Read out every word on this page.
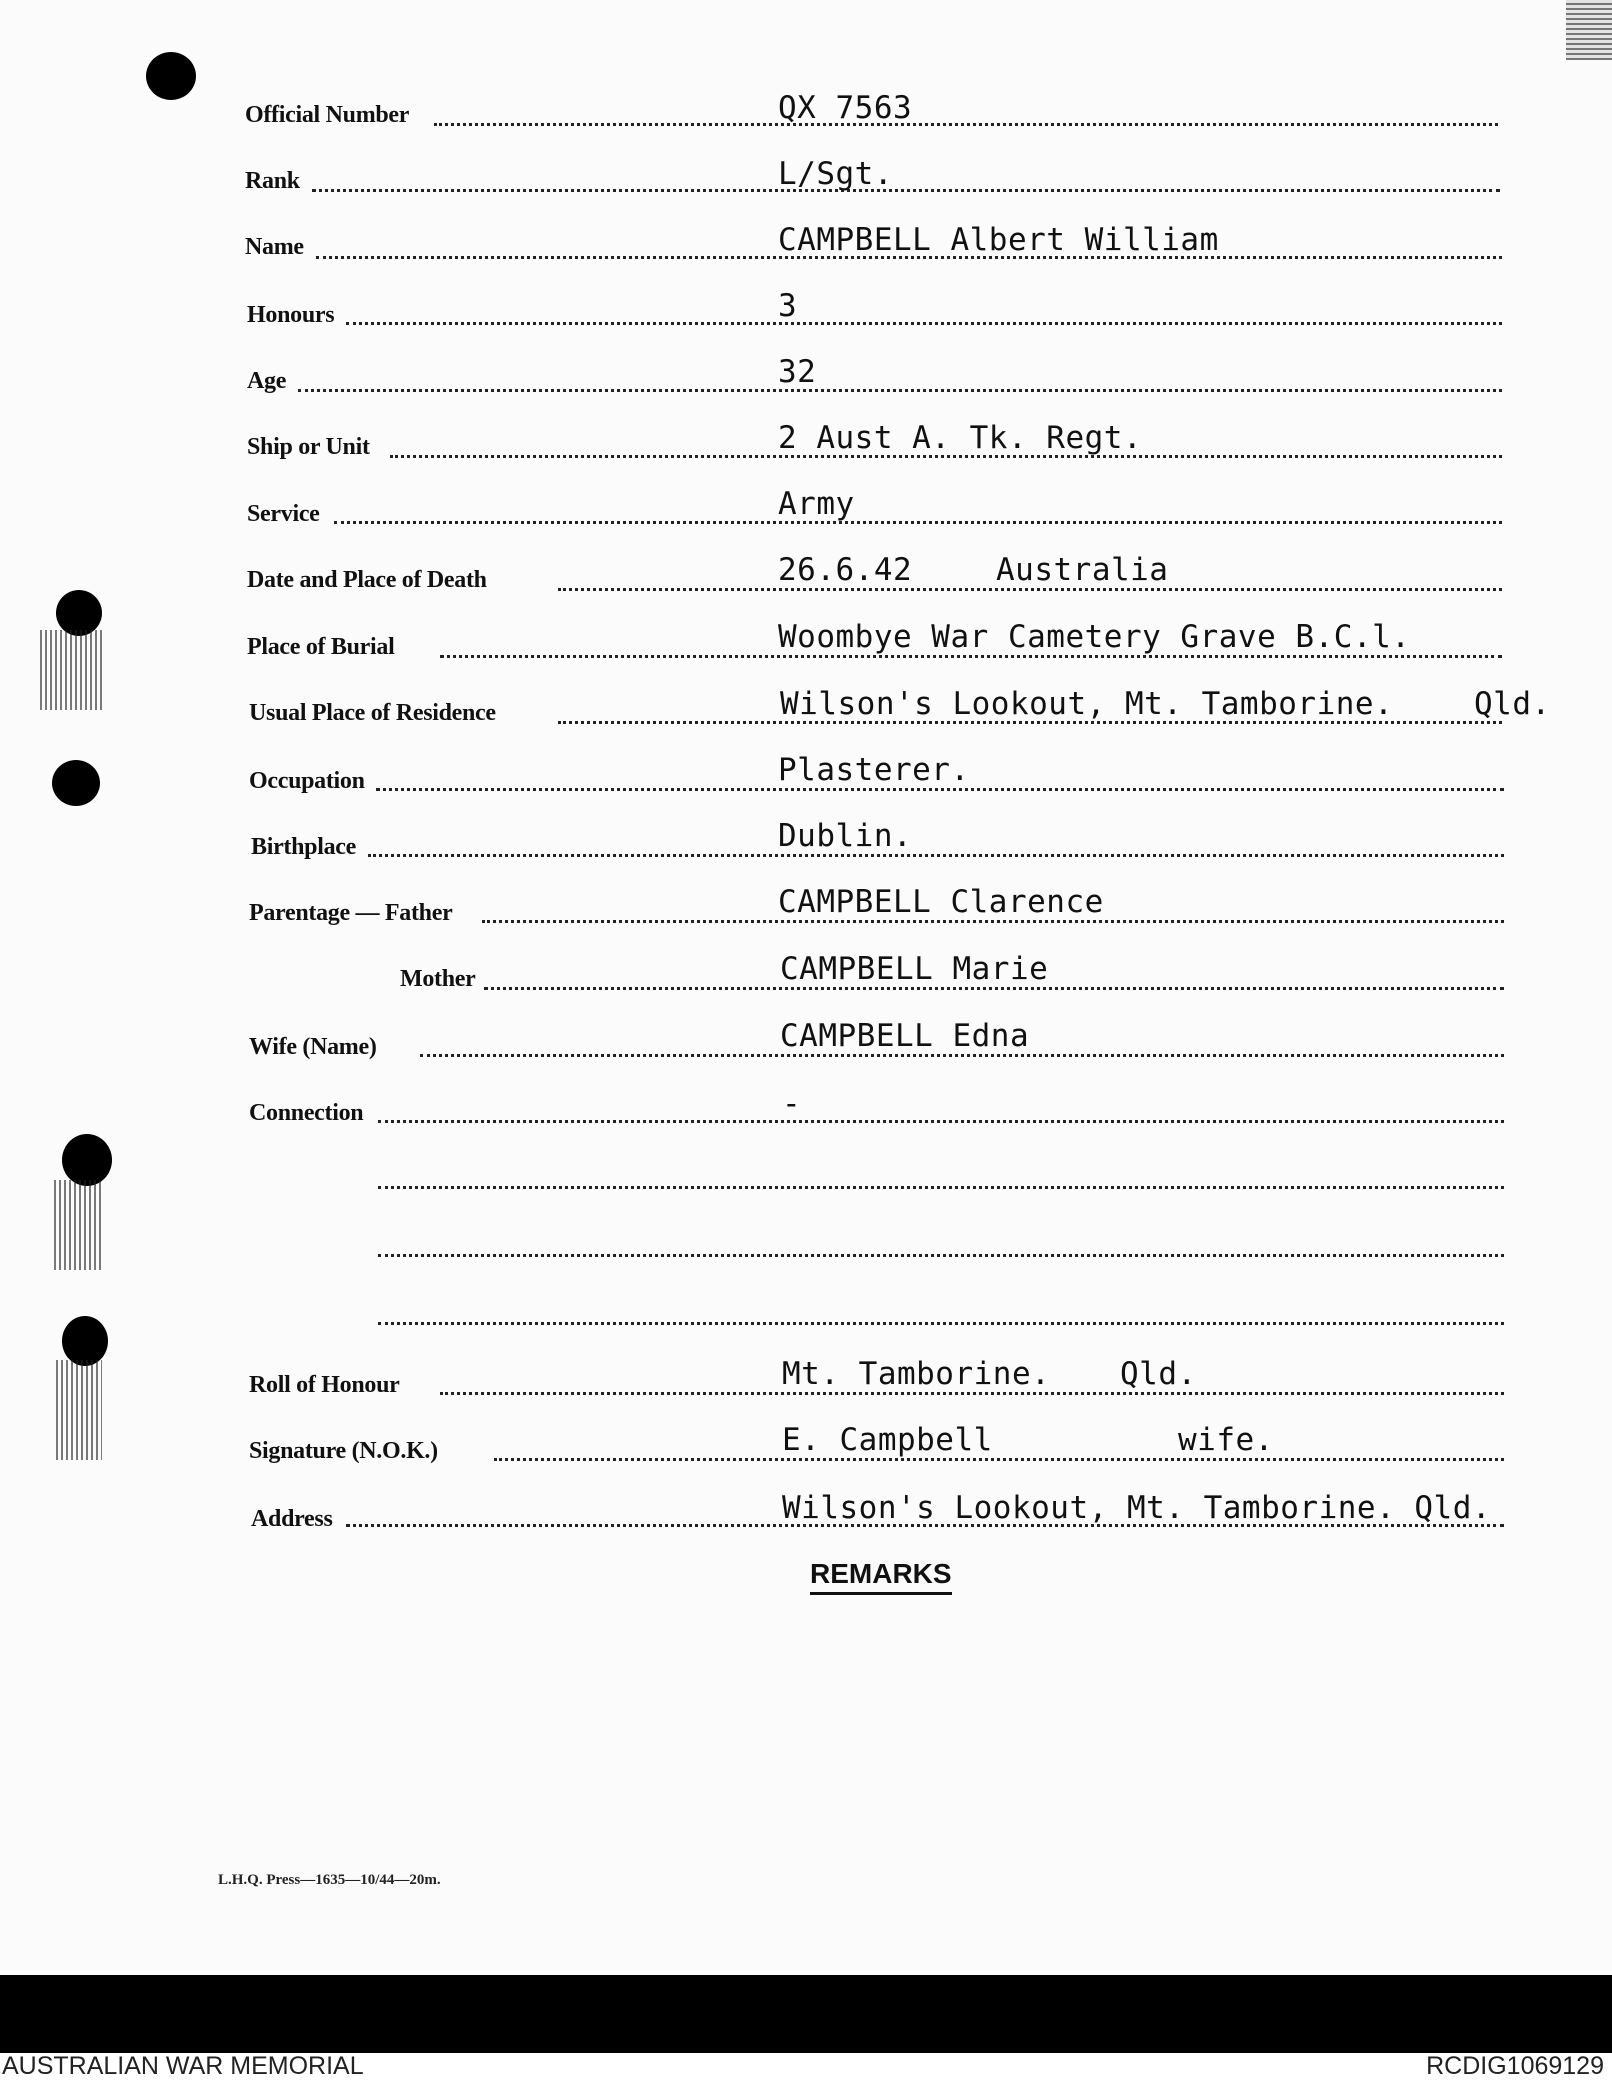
Official Number	QX 7563
Rank	L/Sgt.
Name	CAMPBELL Albert William
Honours	3
Age	32
Ship or Unit	2 Aust A. Tk. Regt.
Service	Army
Date and Place of Death	26.6.42	Australia
Place of Burial	Woombye War Cametery Grave B.C.l.
Usual Place of Residence	Wilson's Lookout, Mt. Tamborine.	Qld.
Occupation	Plasterer.
Birthplace	Dublin.
Parentage — Father	CAMPBELL Clarence
Mother	CAMPBELL Marie
Wife (Name)	CAMPBELL Edna
Connection	-
Roll of Honour	Mt. Tamborine. Qld.
Signature (N.O.K.)	E. Campbell	wife.
Address	Wilson's Lookout, Mt. Tamborine. Qld.
REMARKS
L.H.Q. Press—1635—10/44—20m.
AUSTRALIAN WAR MEMORIAL	RCDIG1069129
